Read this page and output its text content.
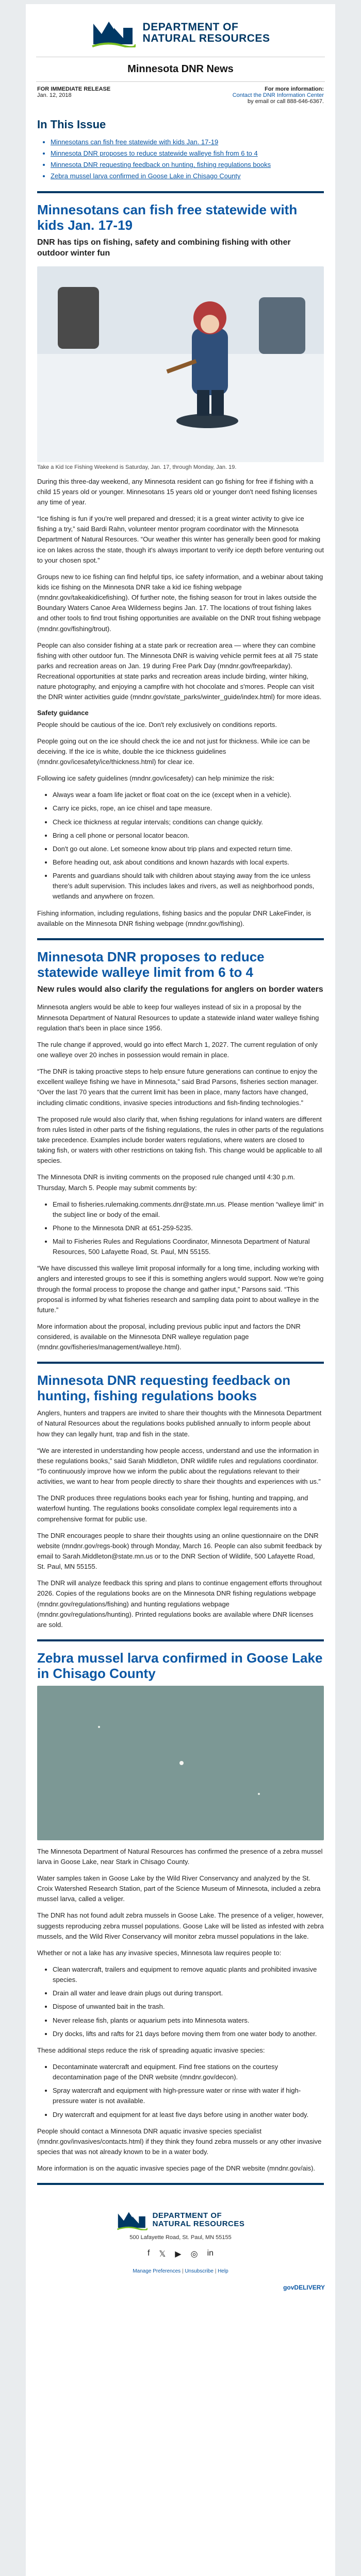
DEPARTMENT OF
NATURAL RESOURCES
Minnesota DNR News
FOR IMMEDIATE RELEASE
Jan. 12, 2018
For more information:
Contact the DNR Information Center
by email or call 888-646-6367.
In This Issue
• Minnesotans can fish free statewide with kids Jan. 17-19
• Minnesota DNR proposes to reduce statewide walleye fish from 6 to 4
• Minnesota DNR requesting feedback on hunting, fishing regulations books
• Zebra mussel larva confirmed in Goose Lake in Chisago County
Minnesotans can fish free statewide with kids Jan. 17-19
DNR has tips on fishing, safety and combining fishing with other outdoor winter fun
Take a Kid Ice Fishing Weekend is Saturday, Jan. 17, through Monday, Jan. 19.

During this three-day weekend, any Minnesota resident can go fishing for free if fishing with a child 15 years old or younger. Minnesotans 15 years old or younger don't need fishing licenses any time of year.

“Ice fishing is fun if you're well prepared and dressed; it is a great winter activity to give ice fishing a try,” said Bardi Rahn, volunteer mentor program coordinator with the Minnesota Department of Natural Resources. “Our weather this winter has generally been good for making ice on lakes across the state, though it's always important to verify ice depth before venturing out to your chosen spot.”

Groups new to ice fishing can find helpful tips, ice safety information, and a webinar about taking kids ice fishing on the Minnesota DNR take a kid ice fishing webpage (mndnr.gov/takeakidicefishing). Of further note, the fishing season for trout in lakes outside the Boundary Waters Canoe Area Wilderness begins Jan. 17. The locations of trout fishing lakes and other tools to find trout fishing opportunities are available on the DNR trout fishing webpage (mndnr.gov/fishing/trout).

People can also consider fishing at a state park or recreation area — where they can combine fishing with other outdoor fun. The Minnesota DNR is waiving vehicle permit fees at all 75 state parks and recreation areas on Jan. 19 during Free Park Day (mndnr.gov/freeparkday). Recreational opportunities at state parks and recreation areas include birding, winter hiking, nature photography, and enjoying a campfire with hot chocolate and s'mores. People can visit the DNR winter activities guide (mndnr.gov/state_parks/winter_guide/index.html) for more ideas.

Safety guidance

People should be cautious of the ice. Don't rely exclusively on conditions reports.

People going out on the ice should check the ice and not just for thickness. While ice can be deceiving. If the ice is white, double the ice thickness guidelines (mndnr.gov/icesafety/ice/thickness.html) for clear ice.

Following ice safety guidelines (mndnr.gov/icesafety) can help minimize the risk:

• Always wear a foam life jacket or float coat on the ice (except when in a vehicle).
• Carry ice picks, rope, an ice chisel and tape measure.
• Check ice thickness at regular intervals; conditions can change quickly.
• Bring a cell phone or personal locator beacon.
• Don't go out alone. Let someone know about trip plans and expected return time.
• Before heading out, ask about conditions and known hazards with local experts.
• Parents and guardians should talk with children about staying away from the ice unless there's adult supervision. This includes lakes and rivers, as well as neighborhood ponds, wetlands and anywhere on frozen.

Fishing information, including regulations, fishing basics and the popular DNR LakeFinder, is available on the Minnesota DNR fishing webpage (mndnr.gov/fishing).

Minnesota DNR proposes to reduce statewide walleye limit from 6 to 4
New rules would also clarify the regulations for anglers on border waters

Minnesota anglers would be able to keep four walleyes instead of six in a proposal by the Minnesota Department of Natural Resources to update a statewide inland water walleye fishing regulation that's been in place since 1956.

The rule change if approved, would go into effect March 1, 2027. The current regulation of only one walleye over 20 inches in possession would remain in place.

“The DNR is taking proactive steps to help ensure future generations can continue to enjoy the excellent walleye fishing we have in Minnesota,” said Brad Parsons, fisheries section manager. “Over the last 70 years that the current limit has been in place, many factors have changed, including climatic conditions, invasive species introductions and fish-finding technologies.”

The proposed rule would also clarify that, when fishing regulations for inland waters are different from rules listed in other parts of the fishing regulations, the rules in other parts of the regulations take precedence. Examples include border waters regulations, where waters are closed to taking fish, or waters with other restrictions on taking fish. This change would be applicable to all species.

The Minnesota DNR is inviting comments on the proposed rule changed until 4:30 p.m. Thursday, March 5. People may submit comments by:

• Email to fisheries.rulemaking.comments.dnr@state.mn.us. Please mention “walleye limit” in the subject line or body of the email.
• Phone to the Minnesota DNR at 651-259-5235.
• Mail to Fisheries Rules and Regulations Coordinator, Minnesota Department of Natural Resources, 500 Lafayette Road, St. Paul, MN 55155.

“We have discussed this walleye limit proposal informally for a long time, including working with anglers and interested groups to see if this is something anglers would support. Now we're going through the formal process to propose the change and gather input,” Parsons said. “This proposal is informed by what fisheries research and sampling data point to about walleye in the future.”

More information about the proposal, including previous public input and factors the DNR considered, is available on the Minnesota DNR walleye regulation page (mndnr.gov/fisheries/management/walleye.html).

Minnesota DNR requesting feedback on hunting, fishing regulations books

Anglers, hunters and trappers are invited to share their thoughts with the Minnesota Department of Natural Resources about the regulations books published annually to inform people about how they can legally hunt, trap and fish in the state.

“We are interested in understanding how people access, understand and use the information in these regulations books,” said Sarah Middleton, DNR wildlife rules and regulations coordinator. “To continuously improve how we inform the public about the regulations relevant to their activities, we want to hear from people directly to share their thoughts and experiences with us.”

The DNR produces three regulations books each year for fishing, hunting and trapping, and waterfowl hunting. The regulations books consolidate complex legal requirements into a comprehensive format for public use.

The DNR encourages people to share their thoughts using an online questionnaire on the DNR website (mndnr.gov/regs-book) through Monday, March 16. People can also submit feedback by email to Sarah.Middleton@state.mn.us or to the DNR Section of Wildlife, 500 Lafayette Road, St. Paul, MN 55155.

The DNR will analyze feedback this spring and plans to continue engagement efforts throughout 2026. Copies of the regulations books are on the Minnesota DNR fishing regulations webpage (mndnr.gov/regulations/fishing) and hunting regulations webpage (mndnr.gov/regulations/hunting). Printed regulations books are available where DNR licenses are sold.

Zebra mussel larva confirmed in Goose Lake in Chisago County

The Minnesota Department of Natural Resources has confirmed the presence of a zebra mussel larva in Goose Lake, near Stark in Chisago County.

Water samples taken in Goose Lake by the Wild River Conservancy and analyzed by the St. Croix Watershed Research Station, part of the Science Museum of Minnesota, included a zebra mussel larva, called a veliger.

The DNR has not found adult zebra mussels in Goose Lake. The presence of a veliger, however, suggests reproducing zebra mussel populations. Goose Lake will be listed as infested with zebra mussels, and the Wild River Conservancy will monitor zebra mussel populations in the lake.

Whether or not a lake has any invasive species, Minnesota law requires people to:

• Clean watercraft, trailers and equipment to remove aquatic plants and prohibited invasive species.
• Drain all water and leave drain plugs out during transport.
• Dispose of unwanted bait in the trash.
• Never release fish, plants or aquarium pets into Minnesota waters.
• Dry docks, lifts and rafts for 21 days before moving them from one water body to another.

These additional steps reduce the risk of spreading aquatic invasive species:

• Decontaminate watercraft and equipment. Find free stations on the courtesy decontamination page of the DNR website (mndnr.gov/decon).
• Spray watercraft and equipment with high-pressure water or rinse with water if high-pressure water is not available.
• Dry watercraft and equipment for at least five days before using in another water body.

People should contact a Minnesota DNR aquatic invasive species specialist (mndnr.gov/invasives/contacts.html) if they think they found zebra mussels or any other invasive species that was not already known to be in a water body.

More information is on the aquatic invasive species page of the DNR website (mndnr.gov/ais).

DEPARTMENT OF
NATURAL RESOURCES
500 Lafayette Road, St. Paul, MN 55155
f 𝕏 ▶ ◎ in
Manage Preferences | Unsubscribe | Help
govDELIVERY
